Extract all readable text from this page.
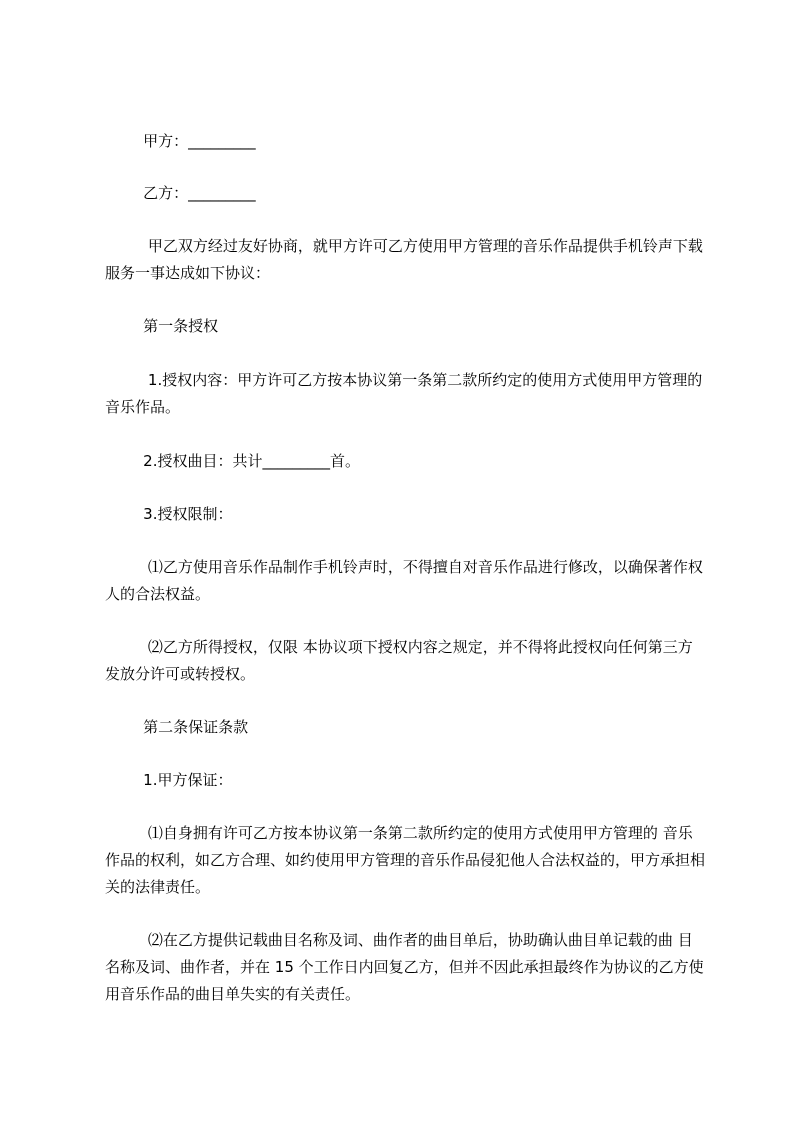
甲方：_________

乙方：_________

甲乙双方经过友好协商，就甲方许可乙方使用甲方管理的音乐作品提供手机铃声下载服务一事达成如下协议：

第一条授权

1.授权内容：甲方许可乙方按本协议第一条第二款所约定的使用方式使用甲方管理的音乐作品。

2.授权曲目：共计_________首。

3.授权限制：

⑴乙方使用音乐作品制作手机铃声时，不得擅自对音乐作品进行修改，以确保著作权人的合法权益。

⑵乙方所得授权，仅限 本协议项下授权内容之规定，并不得将此授权向任何第三方发放分许可或转授权。

第二条保证条款

1.甲方保证：

⑴自身拥有许可乙方按本协议第一条第二款所约定的使用方式使用甲方管理的 音乐作品的权利，如乙方合理、如约使用甲方管理的音乐作品侵犯他人合法权益的，甲方承担相关的法律责任。

⑵在乙方提供记载曲目名称及词、曲作者的曲目单后，协助确认曲目单记载的曲 目名称及词、曲作者，并在 15 个工作日内回复乙方，但并不因此承担最终作为协议的乙方使用音乐作品的曲目单失实的有关责任。
